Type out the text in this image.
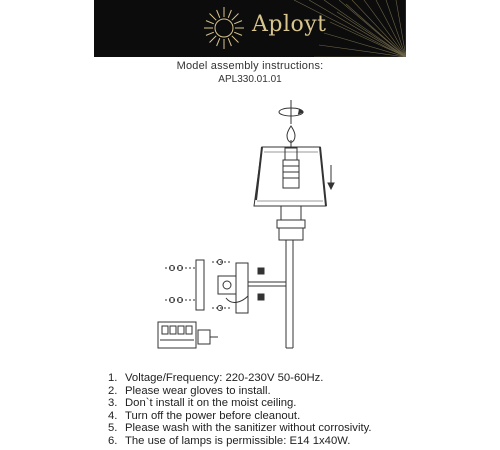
Aployt
Model assembly instructions:
APL330.01.01
1. Voltage/Frequency: 220-230V 50-60Hz.
2. Please wear gloves to install.
3. Don`t install it on the moist ceiling.
4. Turn off the power before cleanout.
5. Please wash with the sanitizer without corrosivity.
6. The use of lamps is permissible: E14 1x40W.
